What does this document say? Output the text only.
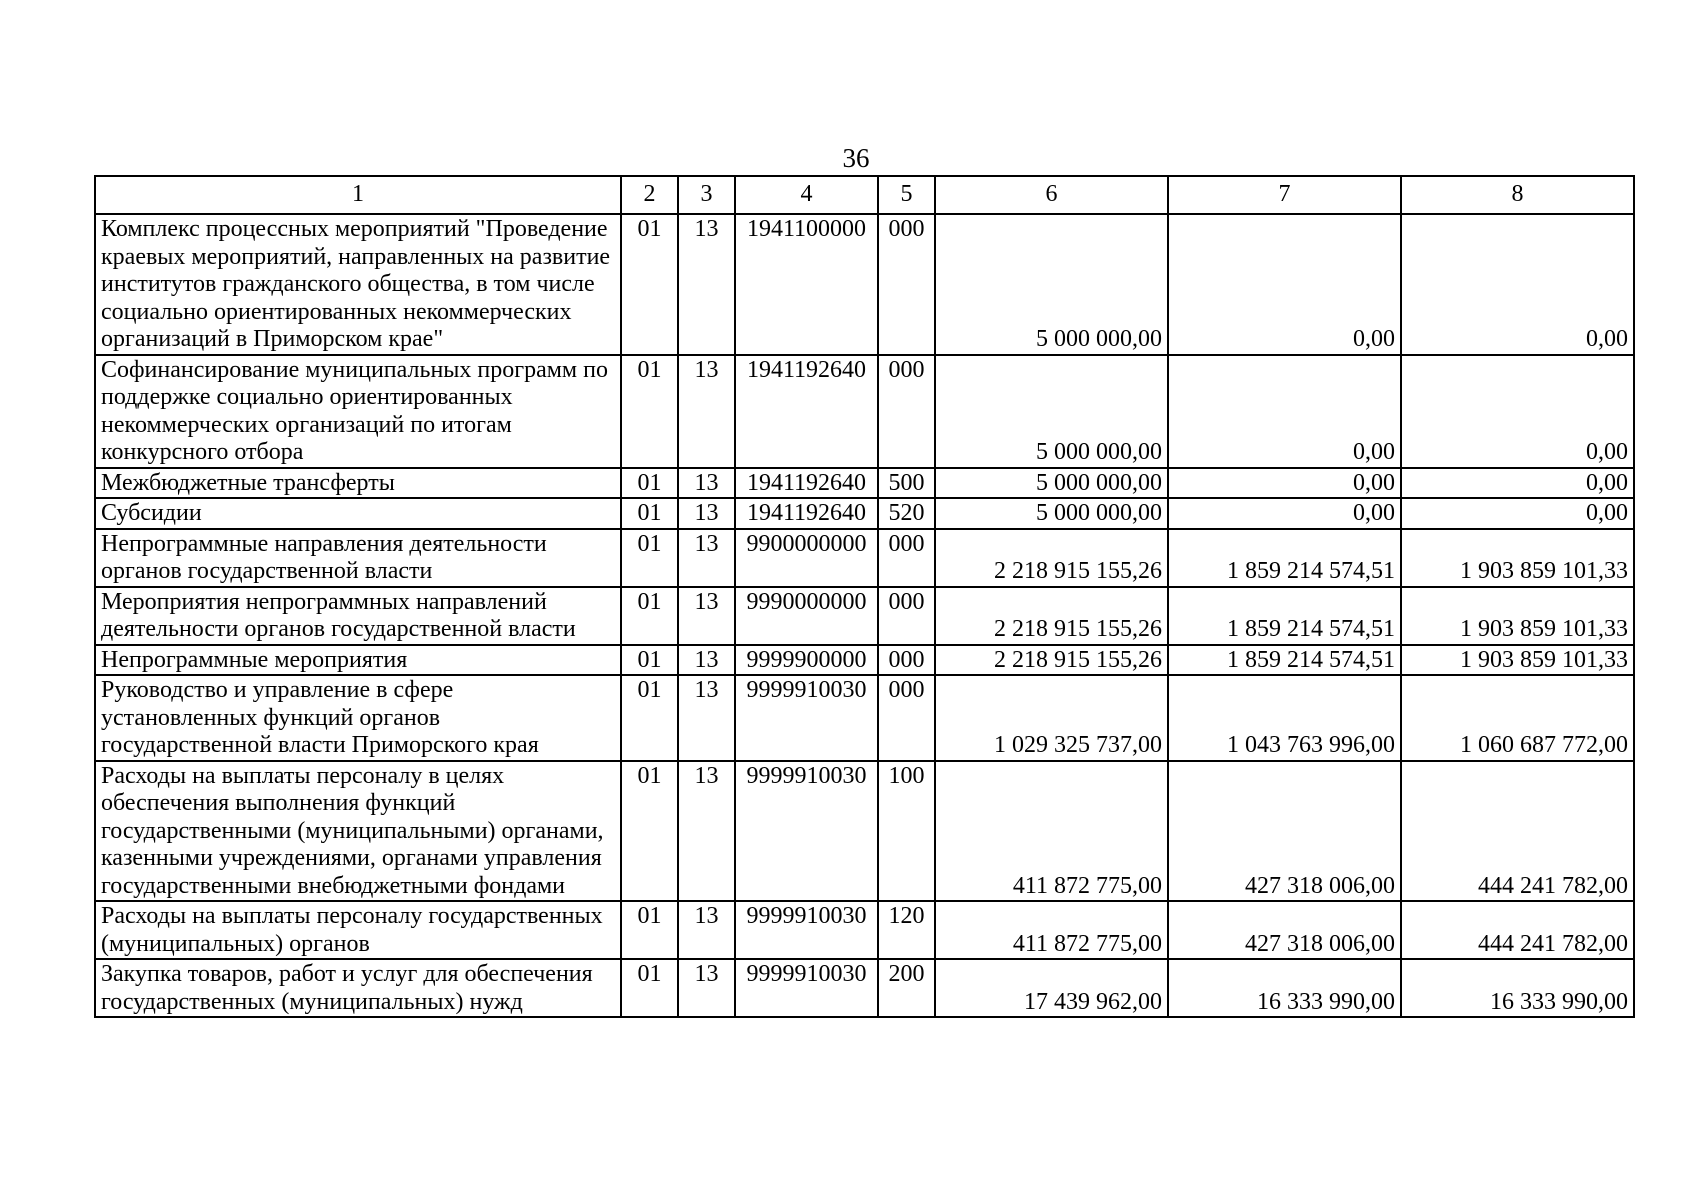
36
1	2	3	4	5	6	7	8
Комплекс процессных мероприятий "Проведение краевых мероприятий, направленных на развитие институтов гражданского общества, в том числе социально ориентированных некоммерческих организаций в Приморском крае"	01	13	1941100000	000	5 000 000,00	0,00	0,00
Софинансирование муниципальных программ по поддержке социально ориентированных некоммерческих организаций по итогам конкурсного отбора	01	13	1941192640	000	5 000 000,00	0,00	0,00
Межбюджетные трансферты	01	13	1941192640	500	5 000 000,00	0,00	0,00
Субсидии	01	13	1941192640	520	5 000 000,00	0,00	0,00
Непрограммные направления деятельности органов государственной власти	01	13	9900000000	000	2 218 915 155,26	1 859 214 574,51	1 903 859 101,33
Мероприятия непрограммных направлений деятельности органов государственной власти	01	13	9990000000	000	2 218 915 155,26	1 859 214 574,51	1 903 859 101,33
Непрограммные мероприятия	01	13	9999900000	000	2 218 915 155,26	1 859 214 574,51	1 903 859 101,33
Руководство и управление в сфере установленных функций органов государственной власти Приморского края	01	13	9999910030	000	1 029 325 737,00	1 043 763 996,00	1 060 687 772,00
Расходы на выплаты персоналу в целях обеспечения выполнения функций государственными (муниципальными) органами, казенными учреждениями, органами управления государственными внебюджетными фондами	01	13	9999910030	100	411 872 775,00	427 318 006,00	444 241 782,00
Расходы на выплаты персоналу государственных (муниципальных) органов	01	13	9999910030	120	411 872 775,00	427 318 006,00	444 241 782,00
Закупка товаров, работ и услуг для обеспечения государственных (муниципальных) нужд	01	13	9999910030	200	17 439 962,00	16 333 990,00	16 333 990,00
